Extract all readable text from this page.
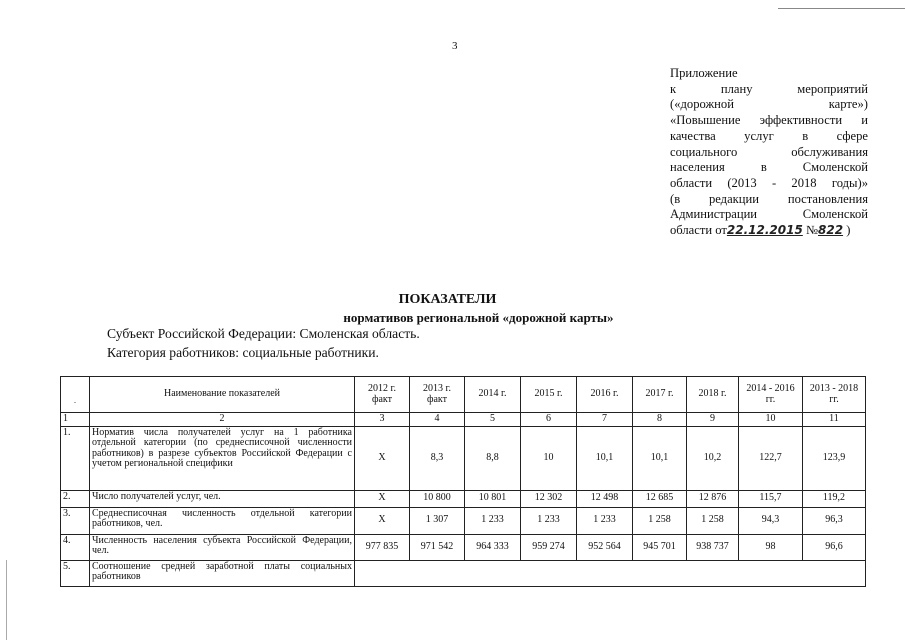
3
Приложение
к плану мероприятий
(«дорожной карте»)
«Повышение эффективности и
качества услуг в сфере
социального обслуживания
населения в Смоленской
области (2013 - 2018 годы)»
(в редакции постановления
Администрации Смоленской
области от22.12.2015 №822 )
ПОКАЗАТЕЛИ
нормативов региональной «дорожной карты»
Субъект Российской Федерации: Смоленская область.
Категория работников: социальные работники.
.	Наименование показателей	2012 г. факт	2013 г. факт	2014 г.	2015 г.	2016 г.	2017 г.	2018 г.	2014 - 2016 гг.	2013 - 2018 гг.
1	2	3	4	5	6	7	8	9	10	11
1.	Норматив числа получателей услуг на 1 работника отдельной категории (по среднесписочной численности работников) в разрезе субъектов Российской Федерации с учетом региональной специфики	Х	8,3	8,8	10	10,1	10,1	10,2	122,7	123,9
2.	Число получателей услуг, чел.	Х	10 800	10 801	12 302	12 498	12 685	12 876	115,7	119,2
3.	Среднесписочная численность отдельной категории работников, чел.	Х	1 307	1 233	1 233	1 233	1 258	1 258	94,3	96,3
4.	Численность населения субъекта Российской Федерации, чел.	977 835	971 542	964 333	959 274	952 564	945 701	938 737	98	96,6
5.	Соотношение средней заработной платы социальных работников									
